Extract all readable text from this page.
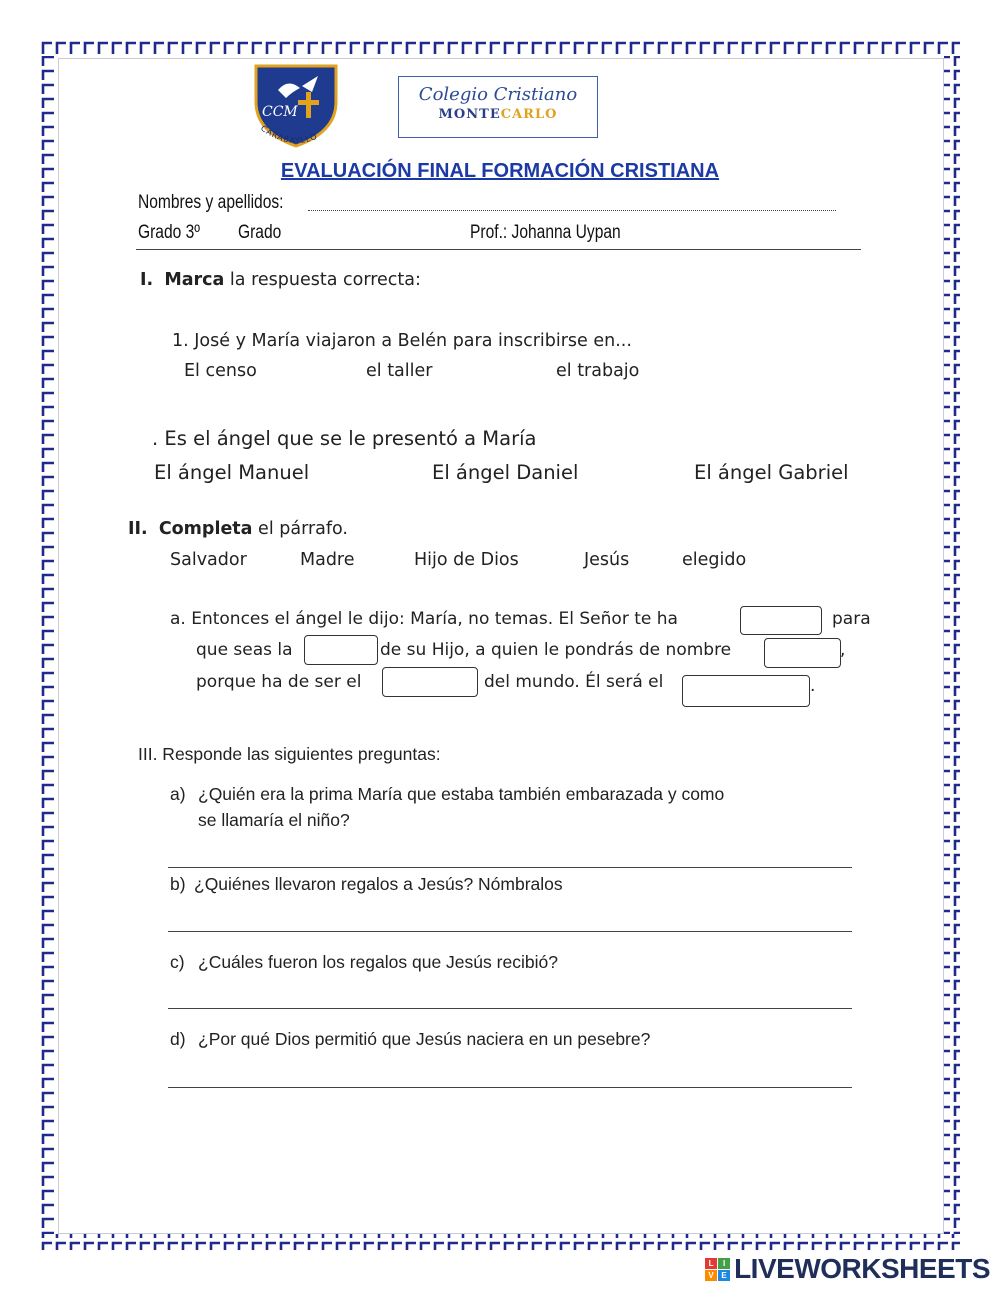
CCM
CARABAYLLO
Colegio Cristiano
MONTECARLO
EVALUACIÓN FINAL FORMACIÓN CRISTIANA
Nombres y apellidos:
Grado 3º Grado	Prof.: Johanna Uypan
I. Marca la respuesta correcta:
1. José y María viajaron a Belén para inscribirse en...
El censo	el taller	el trabajo
. Es el ángel que se le presentó a María
El ángel Manuel	El ángel Daniel	El ángel Gabriel
II. Completa el párrafo.
Salvador	Madre	Hijo de Dios	Jesús	elegido
a. Entonces el ángel le dijo: María, no temas. El Señor te ha	para
que seas la	de su Hijo, a quien le pondrás de nombre	,
porque ha de ser el	del mundo. Él será el	.
III. Responde las siguientes preguntas:
a) ¿Quién era la prima María que estaba también embarazada y como
se llamaría el niño?
b) ¿Quiénes llevaron regalos a Jesús? Nómbralos
c) ¿Cuáles fueron los regalos que Jesús recibió?
d) ¿Por qué Dios permitió que Jesús naciera en un pesebre?
L	I
V E LIVEWORKSHEETS
